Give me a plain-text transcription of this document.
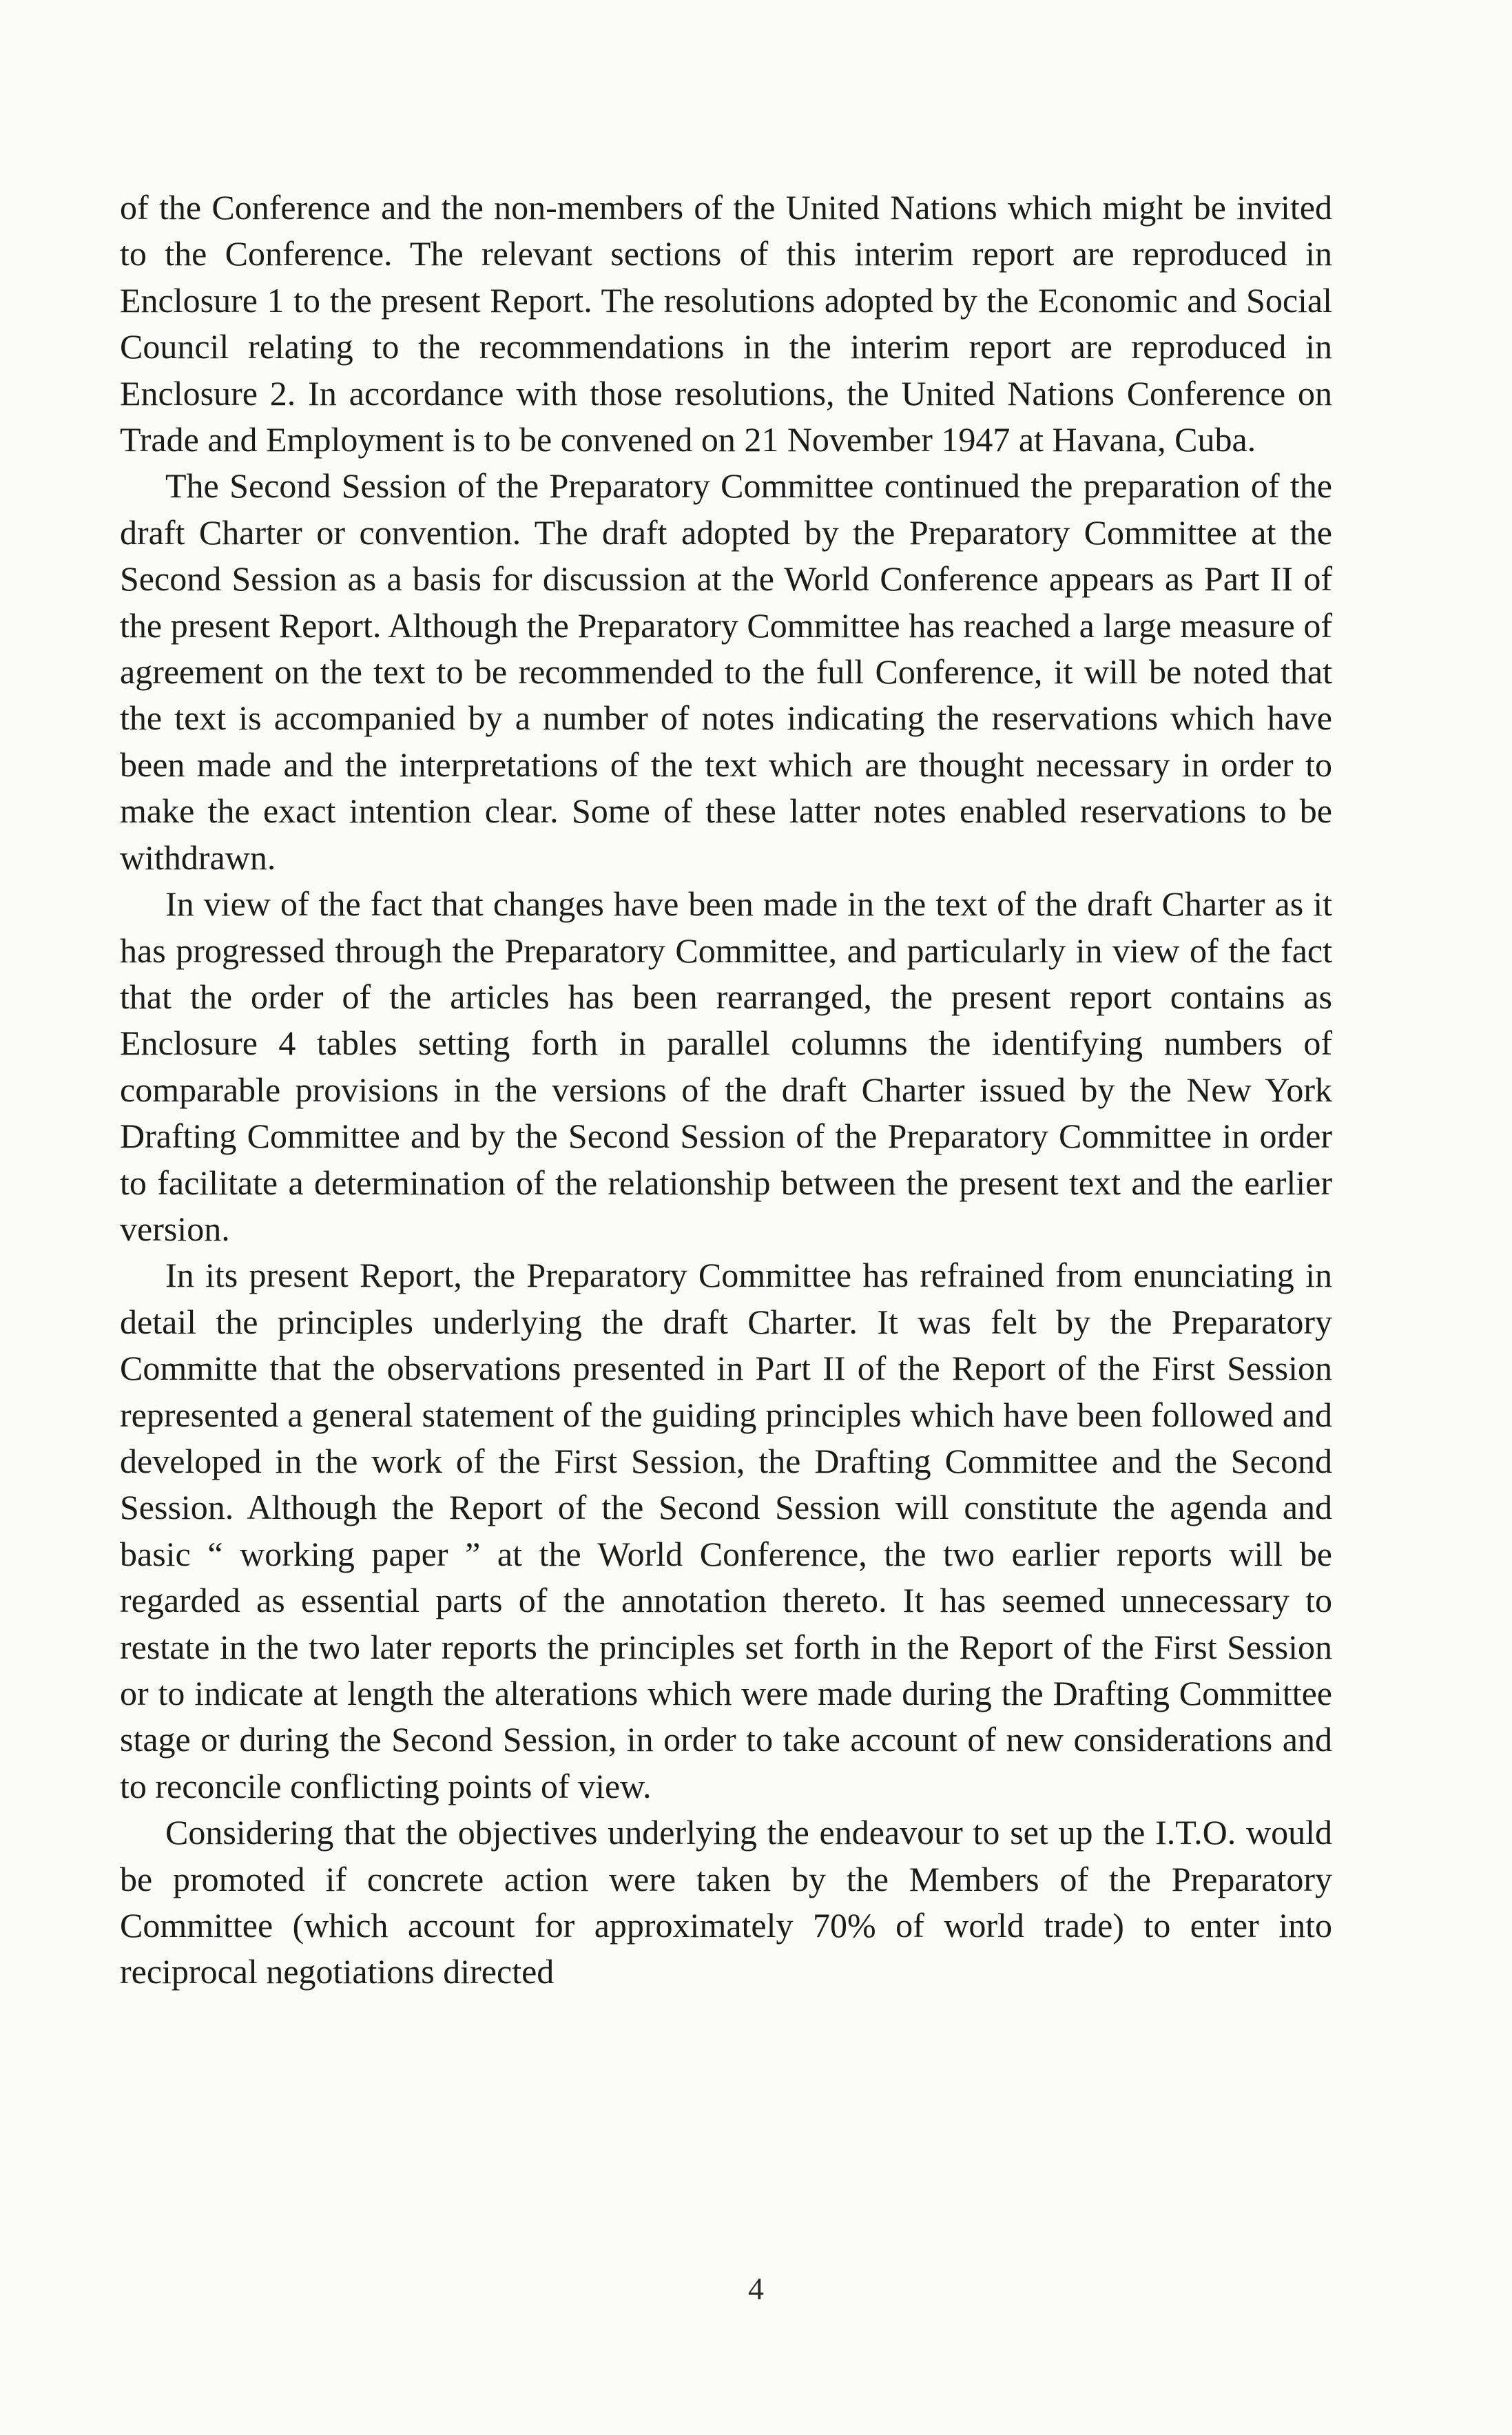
of the Conference and the non-members of the United Nations which might be invited to the Conference. The relevant sections of this interim report are reproduced in Enclosure 1 to the present Report. The resolutions adopted by the Economic and Social Council relating to the recommendations in the interim report are reproduced in Enclosure 2. In accordance with those resolutions, the United Nations Conference on Trade and Employment is to be convened on 21 November 1947 at Havana, Cuba.

The Second Session of the Preparatory Committee continued the preparation of the draft Charter or convention. The draft adopted by the Preparatory Committee at the Second Session as a basis for discussion at the World Conference appears as Part II of the present Report. Although the Preparatory Committee has reached a large measure of agreement on the text to be recommended to the full Conference, it will be noted that the text is accompanied by a number of notes indicating the reservations which have been made and the interpretations of the text which are thought necessary in order to make the exact intention clear. Some of these latter notes enabled reservations to be withdrawn.

In view of the fact that changes have been made in the text of the draft Charter as it has progressed through the Preparatory Committee, and particularly in view of the fact that the order of the articles has been rearranged, the present report contains as Enclosure 4 tables setting forth in parallel columns the identifying numbers of comparable provisions in the versions of the draft Charter issued by the New York Drafting Committee and by the Second Session of the Preparatory Committee in order to facilitate a determination of the relationship between the present text and the earlier version.

In its present Report, the Preparatory Committee has refrained from enunciating in detail the principles underlying the draft Charter. It was felt by the Preparatory Committe that the observations presented in Part II of the Report of the First Session represented a general statement of the guiding principles which have been followed and developed in the work of the First Session, the Drafting Committee and the Second Session. Although the Report of the Second Session will constitute the agenda and basic “ working paper ” at the World Conference, the two earlier reports will be regarded as essential parts of the annotation thereto. It has seemed unnecessary to restate in the two later reports the principles set forth in the Report of the First Session or to indicate at length the alterations which were made during the Drafting Committee stage or during the Second Session, in order to take account of new considerations and to reconcile conflicting points of view.

Considering that the objectives underlying the endeavour to set up the I.T.O. would be promoted if concrete action were taken by the Members of the Preparatory Committee (which account for approximately 70% of world trade) to enter into reciprocal negotiations directed

4
